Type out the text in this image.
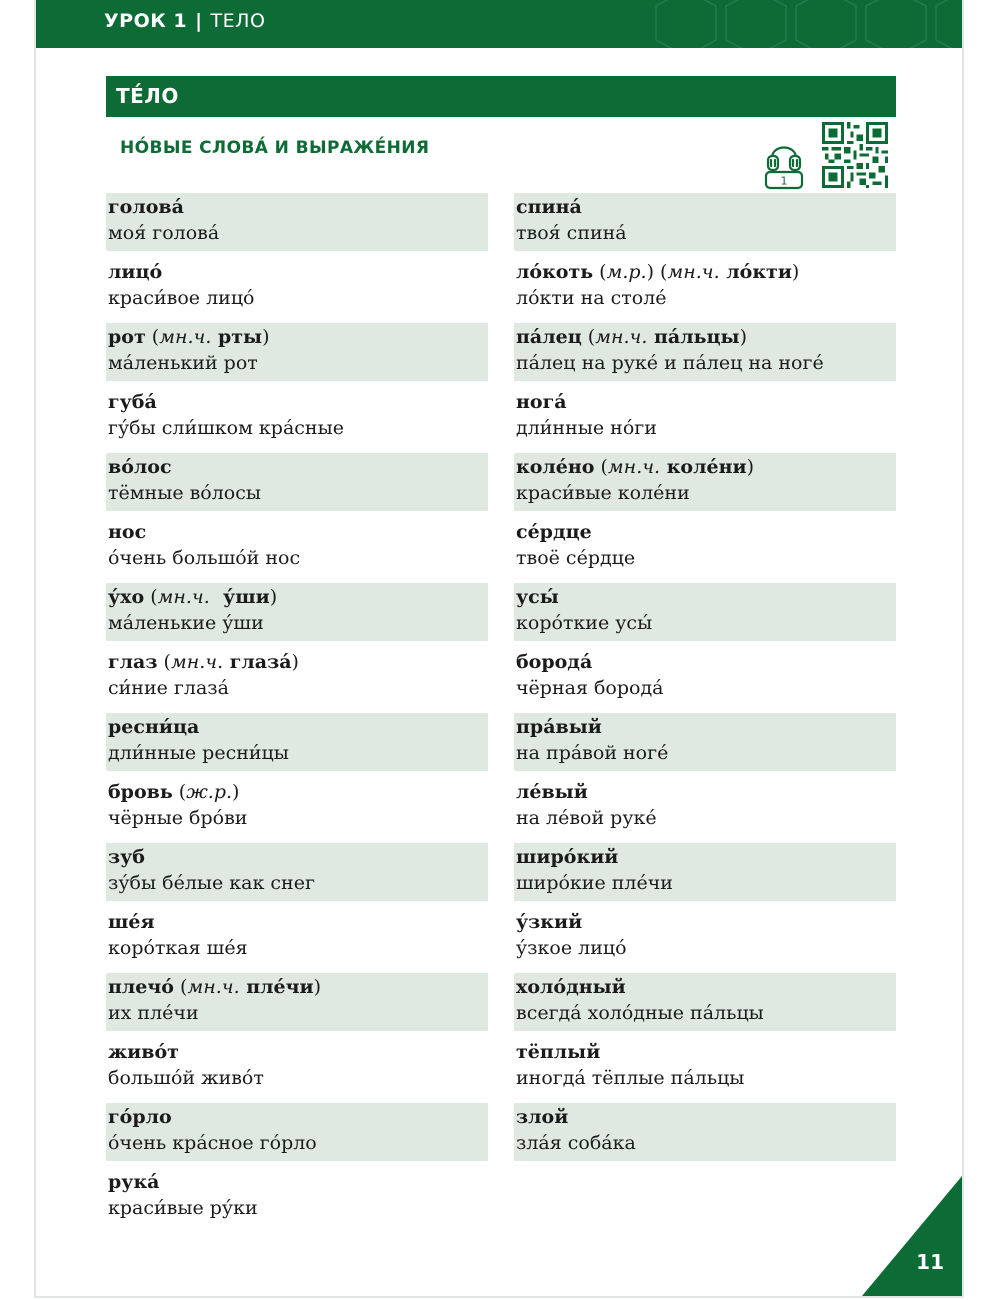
УРОК 1 | ТЕЛО
ТЕ́ЛО
НО́ВЫЕ СЛОВА́ И ВЫРАЖЕ́НИЯ
1
голова́
моя́ голова́
лицо́
краси́вое лицо́
рот (мн.ч. рты)
ма́ленький рот
губа́
гу́бы сли́шком кра́сные
во́лос
тёмные во́лосы
нос
о́чень большо́й нос
у́хо (мн.ч.  у́ши)
ма́ленькие у́ши
глаз (мн.ч. глаза́)
си́ние глаза́
ресни́ца
дли́нные ресни́цы
бровь (ж.р.)
чёрные бро́ви
зуб
зу́бы бе́лые как снег
ше́я
коро́ткая ше́я
плечо́ (мн.ч. пле́чи)
их пле́чи
живо́т
большо́й живо́т
го́рло
о́чень кра́сное го́рло
рука́
краси́вые ру́ки
спина́
твоя́ спина́
ло́коть (м.р.) (мн.ч. ло́кти)
ло́кти на столе́
па́лец (мн.ч. па́льцы)
па́лец на руке́ и па́лец на ноге́
нога́
дли́нные но́ги
коле́но (мн.ч. коле́ни)
краси́вые коле́ни
се́рдце
твоё се́рдце
усы́
коро́ткие усы́
борода́
чёрная борода́
пра́вый
на пра́вой ноге́
ле́вый
на ле́вой руке́
широ́кий
широ́кие пле́чи
у́зкий
у́зкое лицо́
холо́дный
всегда́ холо́дные па́льцы
тёплый
иногда́ тёплые па́льцы
злой
зла́я соба́ка
11
